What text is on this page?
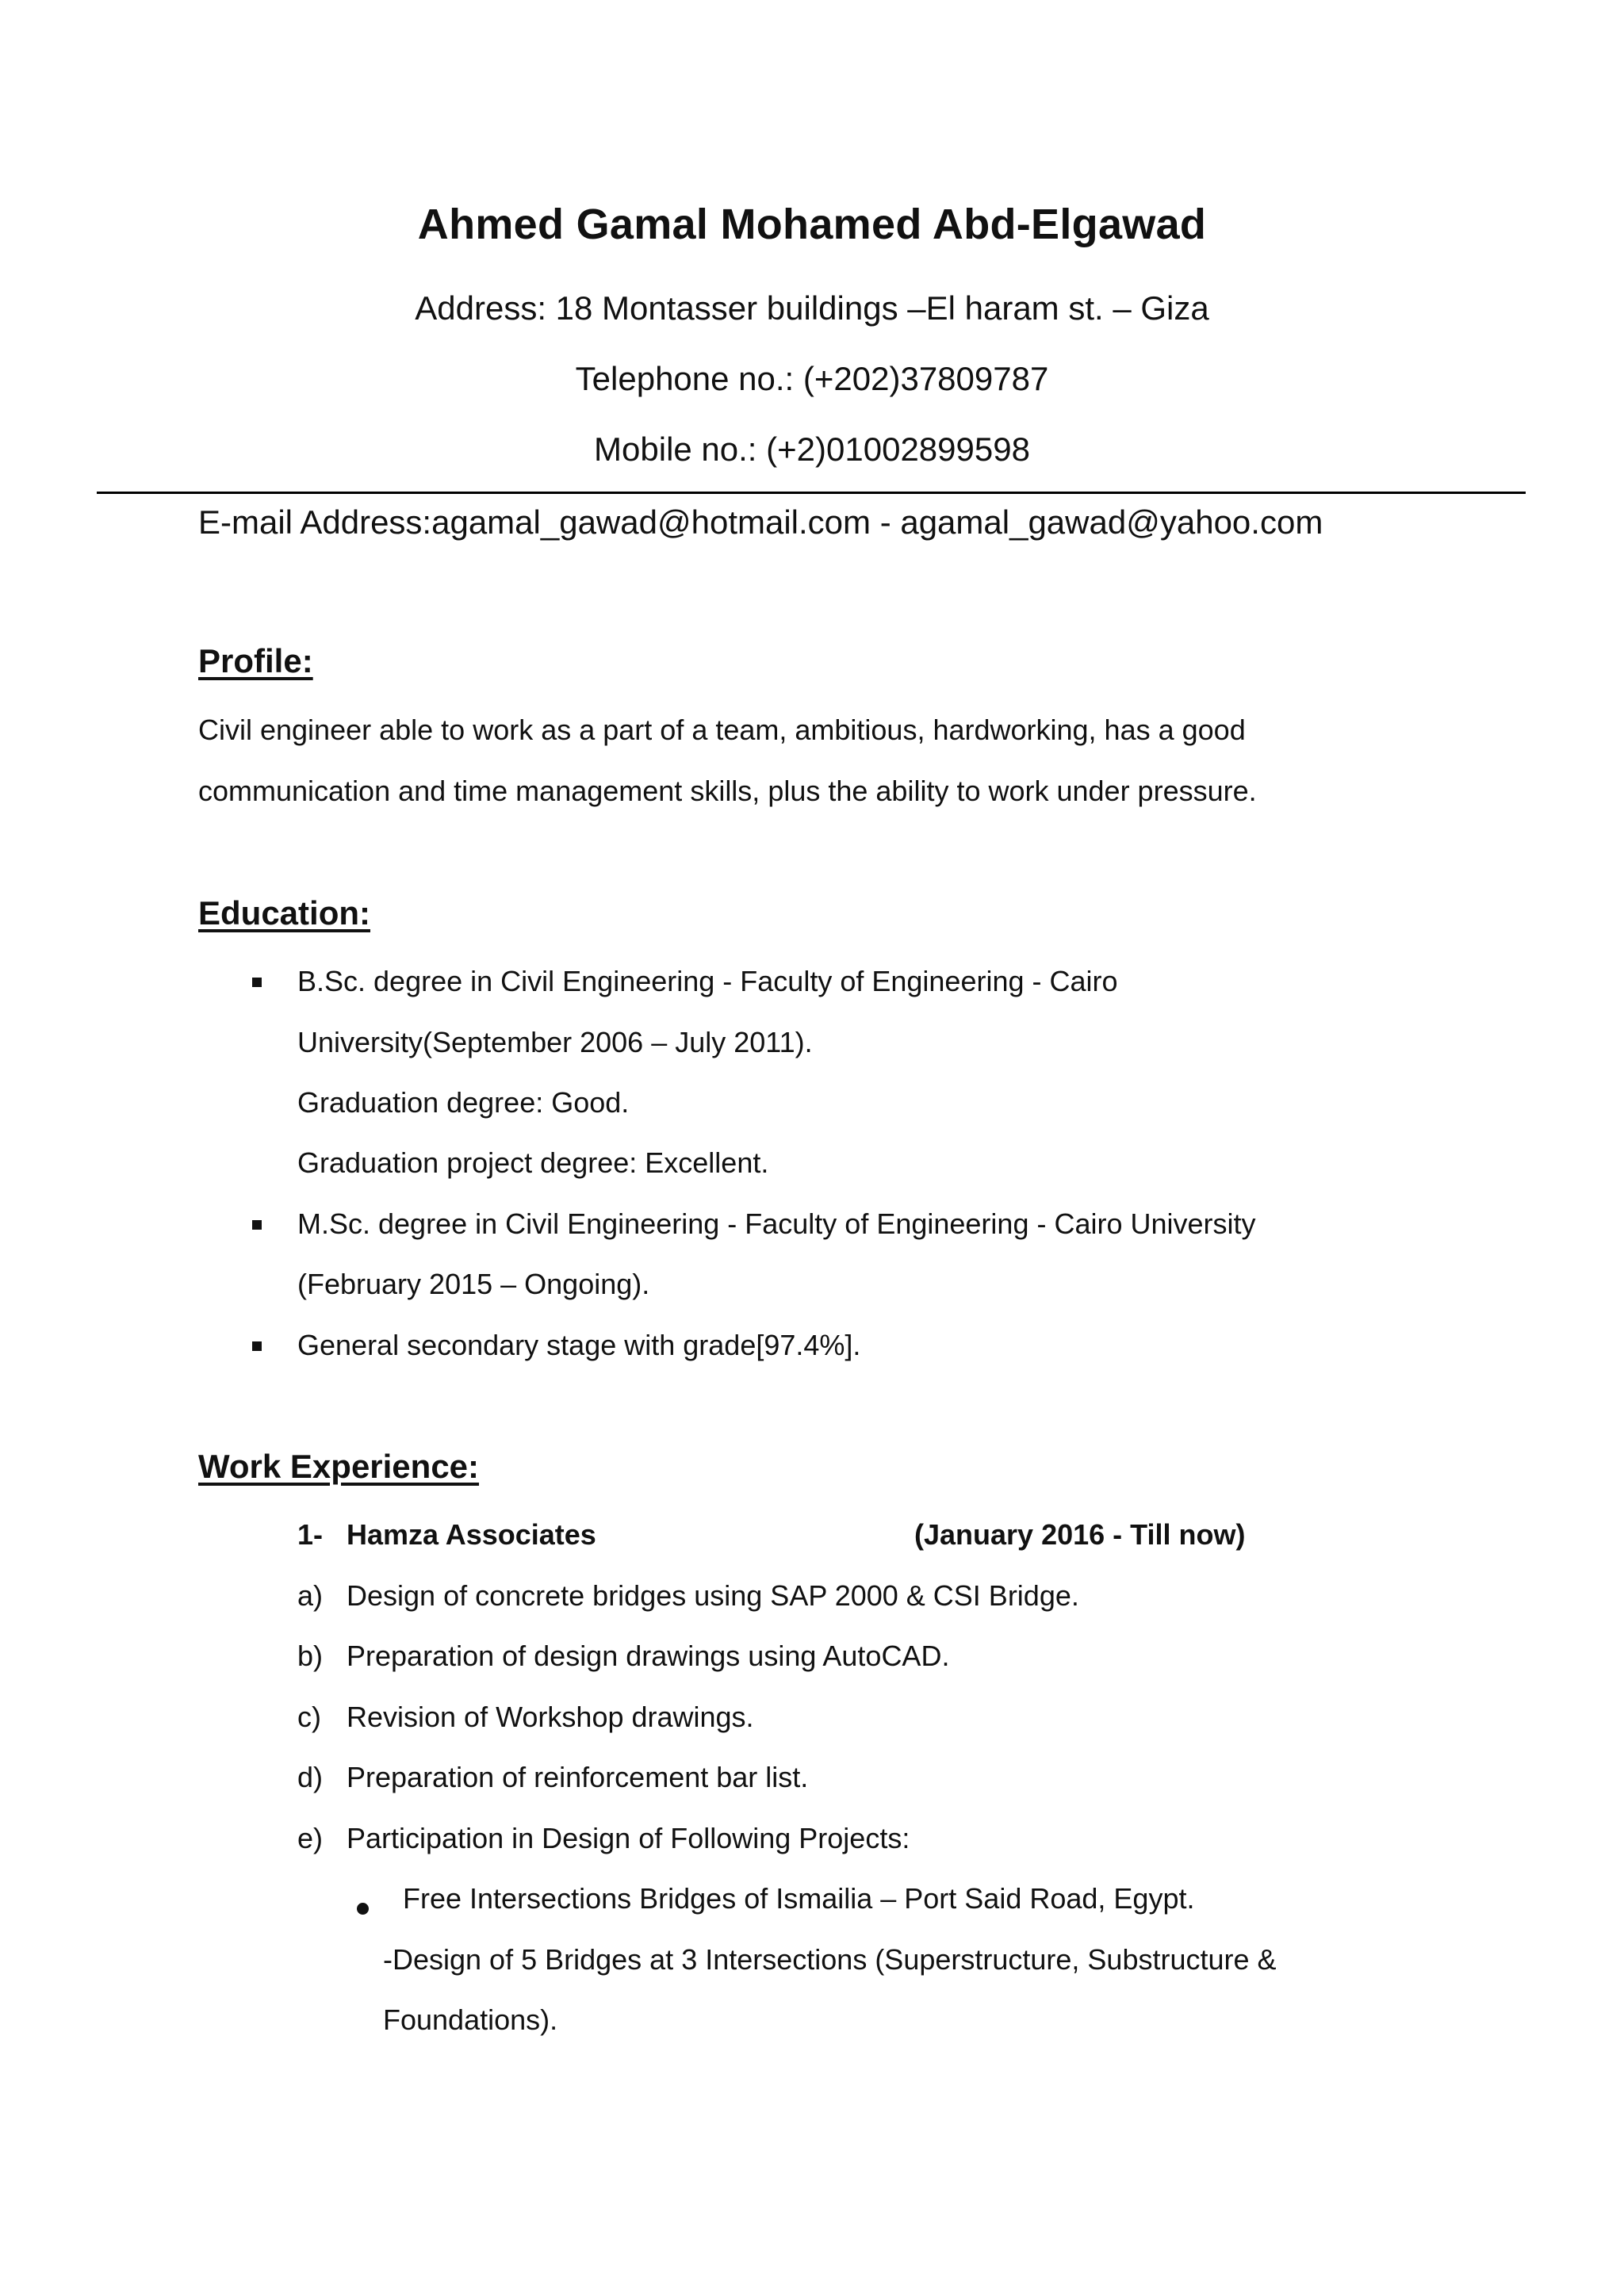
Ahmed Gamal Mohamed Abd-Elgawad
Address: 18 Montasser buildings –El haram st. – Giza
Telephone no.: (+202)37809787
Mobile no.: (+2)01002899598
E-mail Address:agamal_gawad@hotmail.com - agamal_gawad@yahoo.com
Profile:
Civil engineer able to work as a part of a team, ambitious, hardworking, has a good
communication and time management skills, plus the ability to work under pressure.
Education:
B.Sc. degree in Civil Engineering - Faculty of Engineering - Cairo
University(September 2006 – July 2011).
Graduation degree: Good.
Graduation project degree: Excellent.
M.Sc. degree in Civil Engineering - Faculty of Engineering - Cairo University
(February 2015 – Ongoing).
General secondary stage with grade[97.4%].
Work Experience:
1- Hamza Associates	(January 2016 - Till now)
a) Design of concrete bridges using SAP 2000 & CSI Bridge.
b) Preparation of design drawings using AutoCAD.
c) Revision of Workshop drawings.
d) Preparation of reinforcement bar list.
e) Participation in Design of Following Projects:
Free Intersections Bridges of Ismailia – Port Said Road, Egypt.
-Design of 5 Bridges at 3 Intersections (Superstructure, Substructure &
Foundations).
